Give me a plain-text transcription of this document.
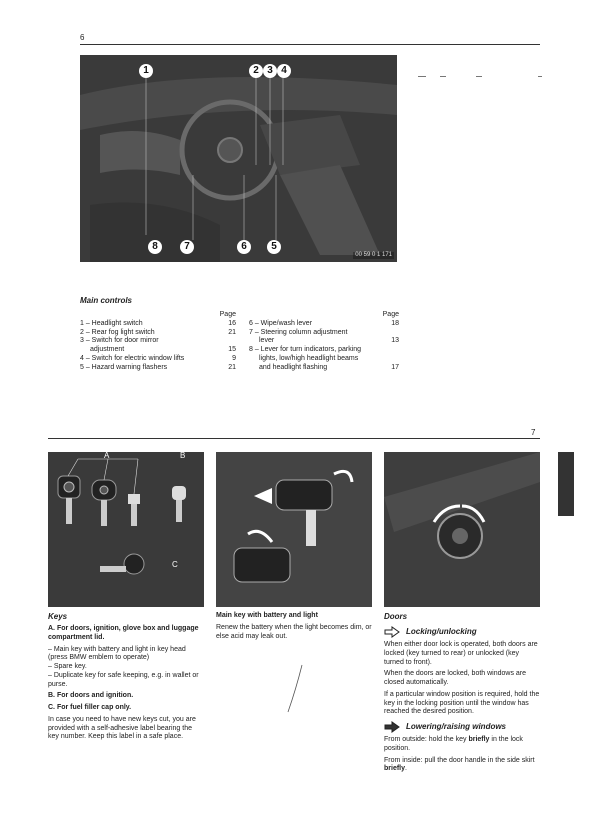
6
1	2 3 4
8	7	6	5
00 59 0 1 171
Main controls
Page
1 – Headlight switch	16
2 – Rear fog light switch	21
3 – Switch for door mirror
adjustment	15
4 – Switch for electric window lifts	9
5 – Hazard warning flashers	21
Page
6 – Wipe/wash lever	18
7 – Steering column adjustment
lever	13
8 – Lever for turn indicators, parking
lights, low/high headlight beams
and headlight flashing	17
7
A	B
C
Keys

A. For doors, ignition, glove box and luggage compartment lid.

– Main key with battery and light in key head (press BMW emblem to operate)

– Spare key.

– Duplicate key for safe keeping, e.g. in wallet or purse.

B. For doors and ignition.

C. For fuel filler cap only.

In case you need to have new keys cut, you are provided with a self-adhesive label bearing the key number. Keep this label in a safe place.

Main key with battery and light

Renew the battery when the light becomes dim, or else acid may leak out.

Doors
Locking/unlocking

When either door lock is operated, both doors are locked (key turned to rear) or unlocked (key turned to front).

When the doors are locked, both windows are closed automatically.

If a particular window position is required, hold the key in the locking position until the window has reached the desired position.

Lowering/raising windows

From outside: hold the key briefly in the lock position.

From inside: pull the door handle in the side skirt briefly.
